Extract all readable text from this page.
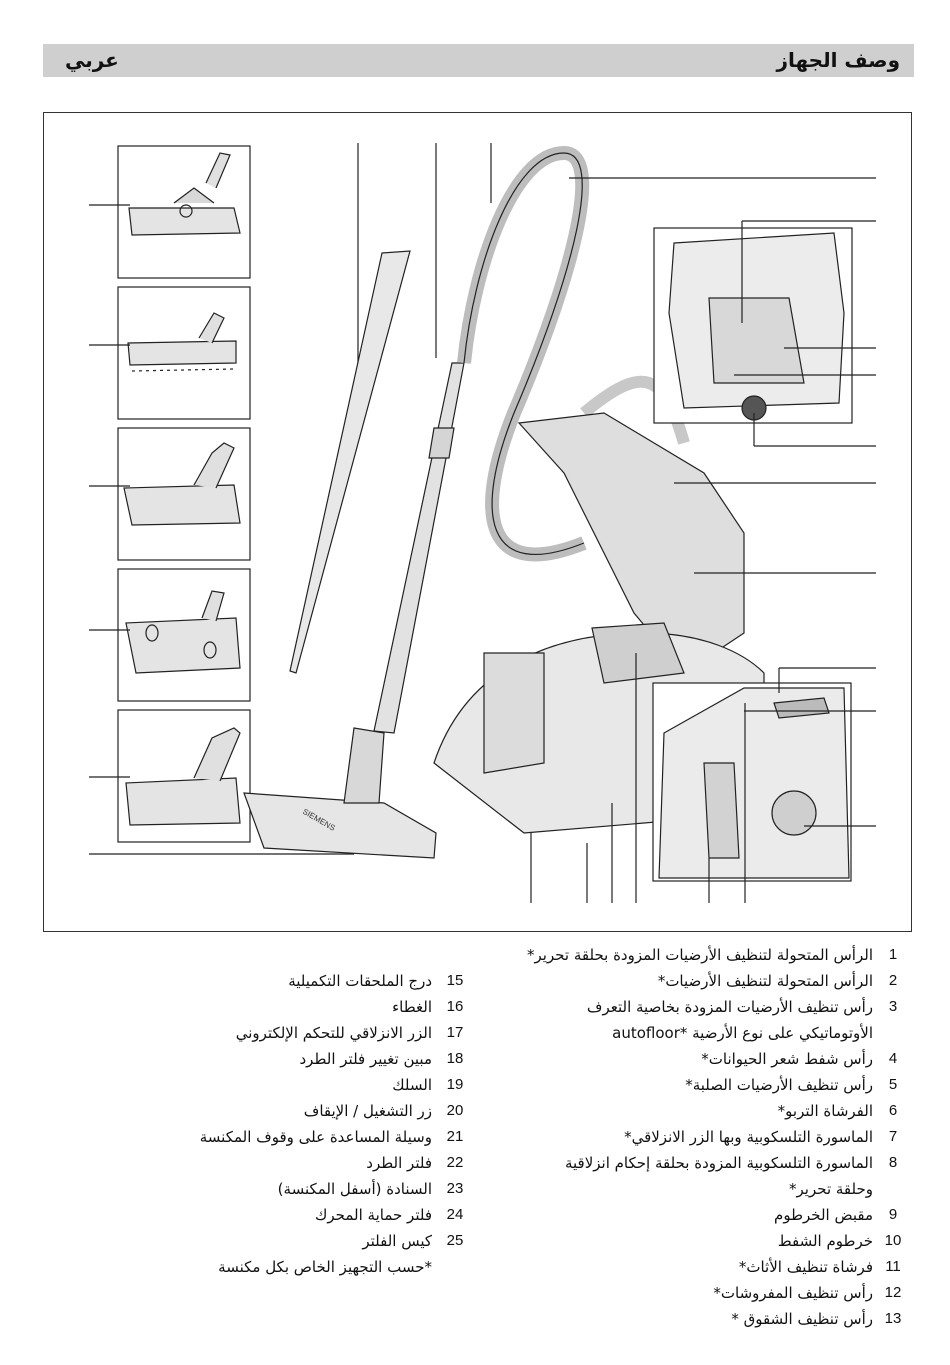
وصف الجهاز
عربي
SIEMENS
1
الرأس المتحولة لتنظيف الأرضيات المزودة بحلقة تحرير*
2
الرأس المتحولة لتنظيف الأرضيات*
3
رأس تنظيف الأرضيات المزودة بخاصية التعرف الأوتوماتيكي على نوع الأرضية *autofloor
4
رأس شفط شعر الحيوانات*
5
رأس تنظيف الأرضيات الصلبة*
6
الفرشاة التربو*
7
الماسورة التلسكوبية وبها الزر الانزلاقي*
8
الماسورة التلسكوبية المزودة بحلقة إحكام انزلاقية وحلقة تحرير*
9
مقبض الخرطوم
10
خرطوم الشفط
11
فرشاة تنظيف الأثاث*
12
رأس تنظيف المفروشات*
13
رأس تنظيف الشقوق *
15
درج الملحقات التكميلية
16
الغطاء
17
الزر الانزلاقي للتحكم الإلكتروني
18
مبين تغيير فلتر الطرد
19
السلك
20
زر التشغيل / الإيقاف
21
وسيلة المساعدة على وقوف المكنسة
22
فلتر الطرد
23
السنادة (أسفل المكنسة)
24
فلتر حماية المحرك
25
كيس الفلتر
*حسب التجهيز الخاص بكل مكنسة
